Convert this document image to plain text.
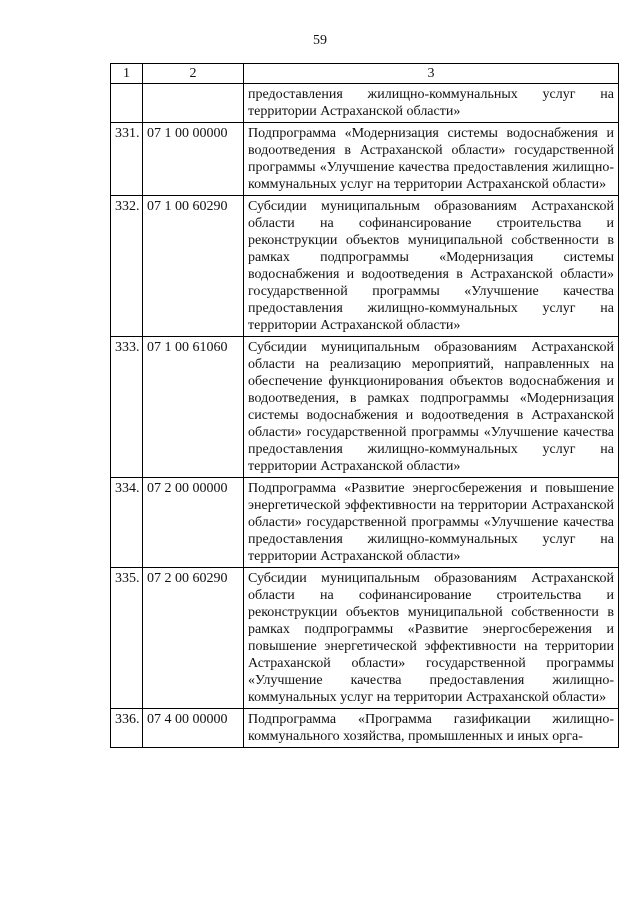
59
1	2	3
		предоставления жилищно-коммунальных услуг на территории Астраханской области»
331.	07 1 00 00000	Подпрограмма «Модернизация системы водоснабжения и водоотведения в Астраханской области» государственной программы «Улучшение качества предоставления жилищно-коммунальных услуг на территории Астраханской области»
332.	07 1 00 60290	Субсидии муниципальным образованиям Астраханской области на софинансирование строительства и реконструкции объектов муниципальной собственности в рамках подпрограммы «Модернизация системы водоснабжения и водоотведения в Астраханской области» государственной программы «Улучшение качества предоставления жилищно-коммунальных услуг на территории Астраханской области»
333.	07 1 00 61060	Субсидии муниципальным образованиям Астраханской области на реализацию мероприятий, направленных на обеспечение функционирования объектов водоснабжения и водоотведения, в рамках подпрограммы «Модернизация системы водоснабжения и водоотведения в Астраханской области» государственной программы «Улучшение качества предоставления жилищно-коммунальных услуг на территории Астраханской области»
334.	07 2 00 00000	Подпрограмма «Развитие энергосбережения и повышение энергетической эффективности на территории Астраханской области» государственной программы «Улучшение качества предоставления жилищно-коммунальных услуг на территории Астраханской области»
335.	07 2 00 60290	Субсидии муниципальным образованиям Астраханской области на софинансирование строительства и реконструкции объектов муниципальной собственности в рамках подпрограммы «Развитие энергосбережения и повышение энергетической эффективности на территории Астраханской области» государственной программы «Улучшение качества предоставления жилищно-коммунальных услуг на территории Астраханской области»
336.	07 4 00 00000	Подпрограмма «Программа газификации жилищно-коммунального хозяйства, промышленных и иных орга-
